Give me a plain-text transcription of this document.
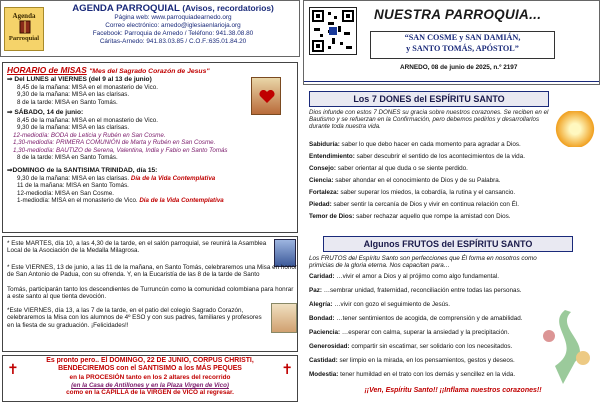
Agenda
Parroquial
AGENDA PARROQUIAL (Avisos, recordatorios)
Página web: www.parroquiadearnedo.org
Correo electrónico: arnedo@iglesiaenlarioja.org
Facebook: Parroquia de Arnedo / Teléfono: 941.38.08.80
Cáritas-Arnedo: 941.83.03.85 / C.O.F.:635.01.84.20
HORARIO de MISAS "Mes del Sagrado Corazón de Jesus"
⇒ Del LUNES al VIERNES (del 9 al 13 de junio)
8,45 de la mañana: MISA en el monasterio de Vico.
9,30 de la mañana: MISA en las clarisas.
8 de la tarde: MISA en Santo Tomás.
⇒ SÁBADO, 14 de junio:
8,45 de la mañana: MISA en el monasterio de Vico.
9,30 de la mañana: MISA en las clarisas.
12-mediodía: BODA de Leticia y Rubén en San Cosme.
1,30-mediodía: PRIMERA COMUNIÓN de Marta y Rubén en San Cosme.
1,30-mediodía: BAUTIZO de Serena, Valentina, India y Fabio en Santo Tomás
8 de la tarde: MISA en Santo Tomás.
⇒DOMINGO de la SANTISIMA TRINIDAD, día 15:
9,30 de la mañana: MISA en las clarisas. Día de la Vida Contemplativa
11 de la mañana: MISA en Santo Tomás.
12-mediodía: MISA en San Cosme.
1-mediodía: MISA en el monasterio de Vico. Día de la Vida Contemplativa
* Este MARTES, día 10, a las 4,30 de la tarde, en el salón parroquial, se reunirá la Asamblea Local de la Asociación de la Medalla Milagrosa.
* Este VIERNES, 13 de junio, a las 11 de la mañana, en Santo Tomás, celebraremos una Misa en honor de San Antonio de Padua, con su ofrenda. Y, en la Eucaristía de las 8 de la tarde de Santo
Tomás, participarán tanto los descendientes de Turruncún como la comunidad colombiana para honrar a este santo al que tienta devoción.
*Este VIERNES, día 13, a las 7 de la tarde, en el patio del colegio Sagrado Corazón, celebraremos la Misa con los alumnos de 4º ESO y con sus padres, familiares y profesores en la fiesta de su graduación. ¡Felicidades!!
✝	✝
Es pronto pero.. El DOMINGO, 22 DE JUNIO, CORPUS CHRISTI,
BENDECIREMOS con el SANTISIMO a los MÁS PEQUES
en la PROCESIÓN tanto en los 2 altares del recorrido
(en la Casa de Antillones y en la Plaza Virgen de Vico)
como en la CAPILLA de la VIRGEN de VICO al regresar.
NUESTRA PARROQUIA...
“SAN COSME y SAN DAMIÁN,
y SANTO TOMÁS, APÓSTOL”
ARNEDO, 08 de junio de 2025, n.º 2197
Los 7 DONES del ESPÍRITU SANTO
Dios infunde con estos 7 DONES su gracia sobre nuestros corazones. Se reciben en el Bautismo y se refuerzan en la Confirmación, pero debemos pedirlos y desarrollarlos durante toda nuestra vida.
Sabiduría: saber lo que debo hacer en cada momento para agradar a Dios.
Entendimiento: saber descubrir el sentido de los acontecimientos de la vida.
Consejo: saber orientar al que duda o se siente perdido.
Ciencia: saber ahondar en el conocimiento de Dios y de su Palabra.
Fortaleza: saber superar los miedos, la cobardía, la rutina y el cansancio.
Piedad: saber sentir la cercanía de Dios y vivir en continua relación con Él.
Temor de Dios: saber rechazar aquello que rompe la amistad con Dios.
Algunos FRUTOS del ESPÍRITU SANTO
Los FRUTOS del Espíritu Santo son perfecciones que Él forma en nosotros como primicias de la gloria eterna. Nos capacitan para…
Caridad: …vivir el amor a Dios y al prójimo como algo fundamental.
Paz: …sembrar unidad, fraternidad, reconciliación entre todas las personas.
Alegría: …vivir con gozo el seguimiento de Jesús.
Bondad: …tener sentimientos de acogida, de comprensión y de amabilidad.
Paciencia: …esperar con calma, superar la ansiedad y la precipitación.
Generosidad: compartir sin escatimar, ser solidario con los necesitados.
Castidad: ser limpio en la mirada, en los pensamientos, gestos y deseos.
Modestia: tener humildad en el trato con los demás y sencillez en la vida.
¡¡Ven, Espíritu Santo!! ¡¡Inflama nuestros corazones!!
